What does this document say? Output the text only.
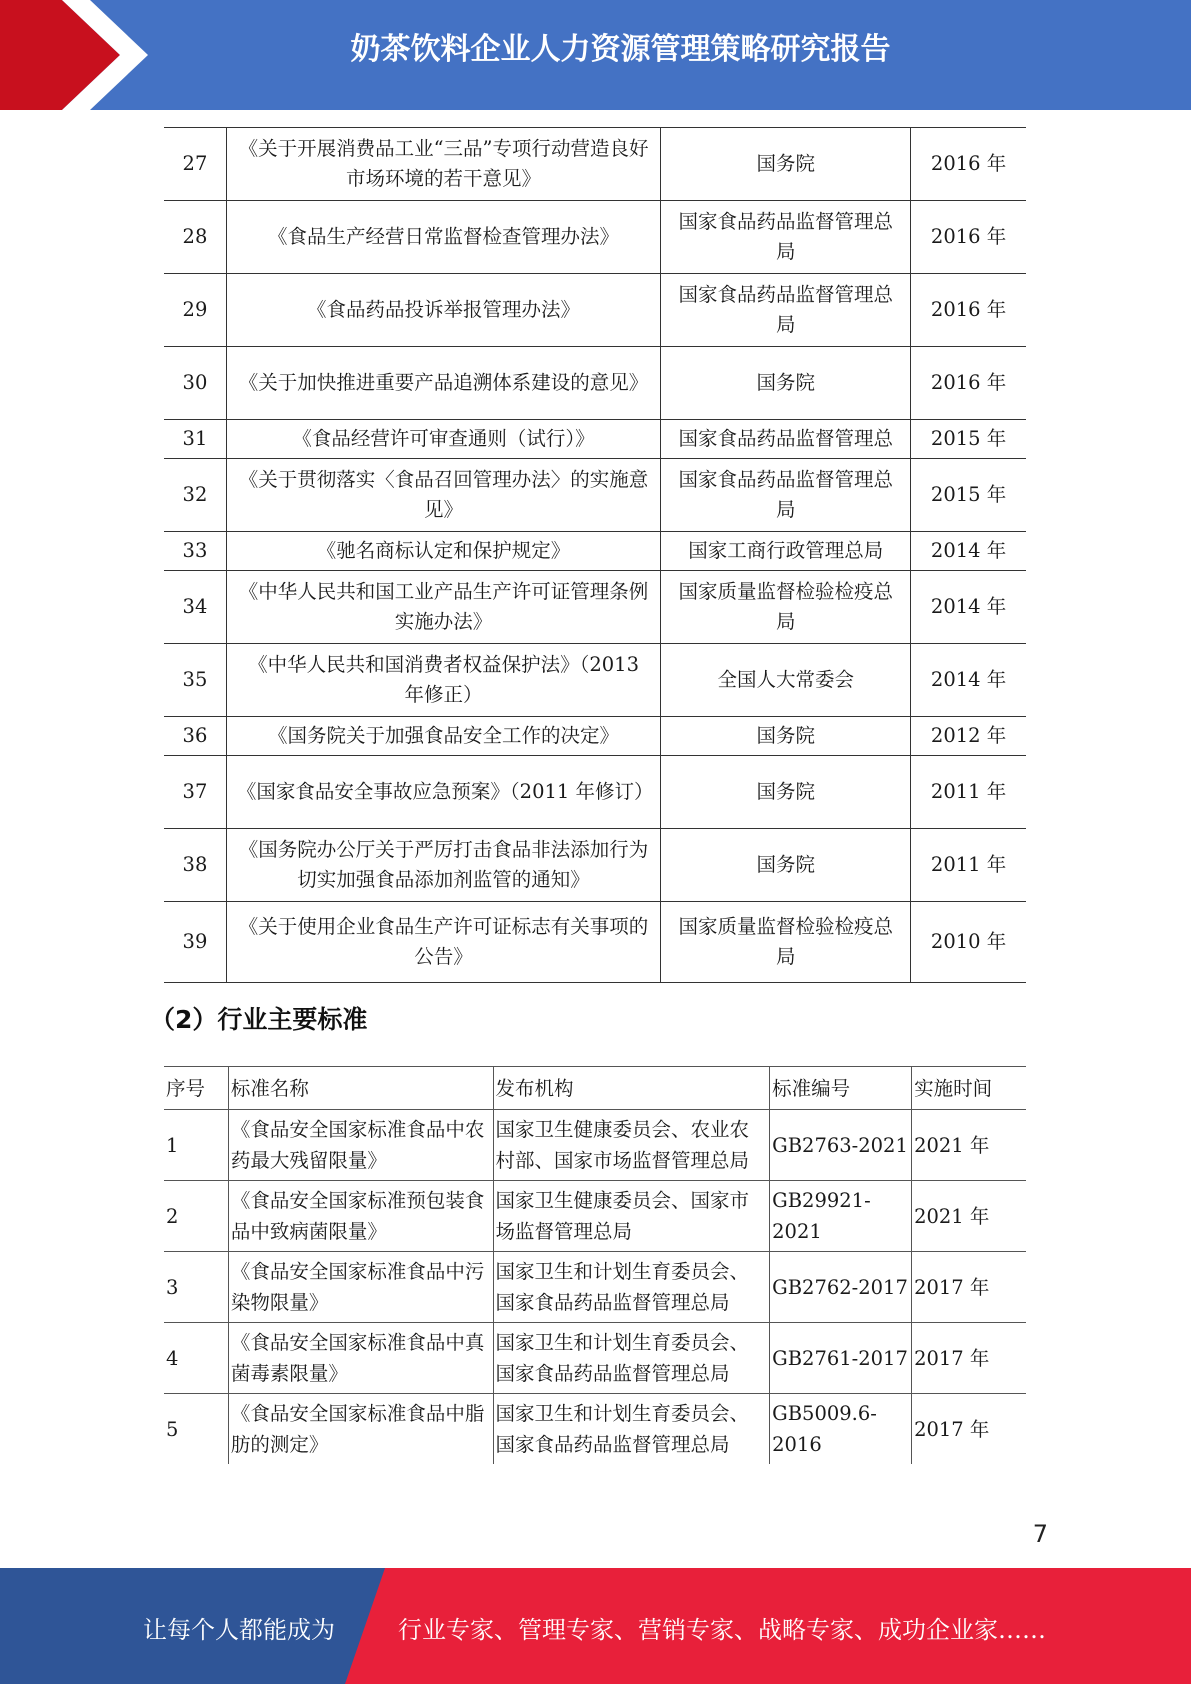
奶茶饮料企业人力资源管理策略研究报告
27	《关于开展消费品工业“三品”专项行动营造良好市场环境的若干意见》	国务院	2016 年
28	《食品生产经营日常监督检查管理办法》	国家食品药品监督管理总局	2016 年
29	《食品药品投诉举报管理办法》	国家食品药品监督管理总局	2016 年
30	《关于加快推进重要产品追溯体系建设的意见》	国务院	2016 年
31	《食品经营许可审查通则（试行）》	国家食品药品监督管理总	2015 年
32	《关于贯彻落实〈食品召回管理办法〉的实施意见》	国家食品药品监督管理总局	2015 年
33	《驰名商标认定和保护规定》	国家工商行政管理总局	2014 年
34	《中华人民共和国工业产品生产许可证管理条例实施办法》	国家质量监督检验检疫总局	2014 年
35	《中华人民共和国消费者权益保护法》（2013 年修正）	全国人大常委会	2014 年
36	《国务院关于加强食品安全工作的决定》	国务院	2012 年
37	《国家食品安全事故应急预案》（2011 年修订）	国务院	2011 年
38	《国务院办公厅关于严厉打击食品非法添加行为切实加强食品添加剂监管的通知》	国务院	2011 年
39	《关于使用企业食品生产许可证标志有关事项的公告》	国家质量监督检验检疫总局	2010 年
（2）行业主要标准
序号	标准名称	发布机构	标准编号	实施时间
1	《食品安全国家标准食品中农药最大残留限量》	国家卫生健康委员会、农业农村部、国家市场监督管理总局	GB2763-2021	2021 年
2	《食品安全国家标准预包装食品中致病菌限量》	国家卫生健康委员会、国家市场监督管理总局	GB29921-2021	2021 年
3	《食品安全国家标准食品中污染物限量》	国家卫生和计划生育委员会、国家食品药品监督管理总局	GB2762-2017	2017 年
4	《食品安全国家标准食品中真菌毒素限量》	国家卫生和计划生育委员会、国家食品药品监督管理总局	GB2761-2017	2017 年
5	《食品安全国家标准食品中脂肪的测定》	国家卫生和计划生育委员会、国家食品药品监督管理总局	GB5009.6-2016	2017 年
7
让每个人都能成为	行业专家、管理专家、营销专家、战略专家、成功企业家……
